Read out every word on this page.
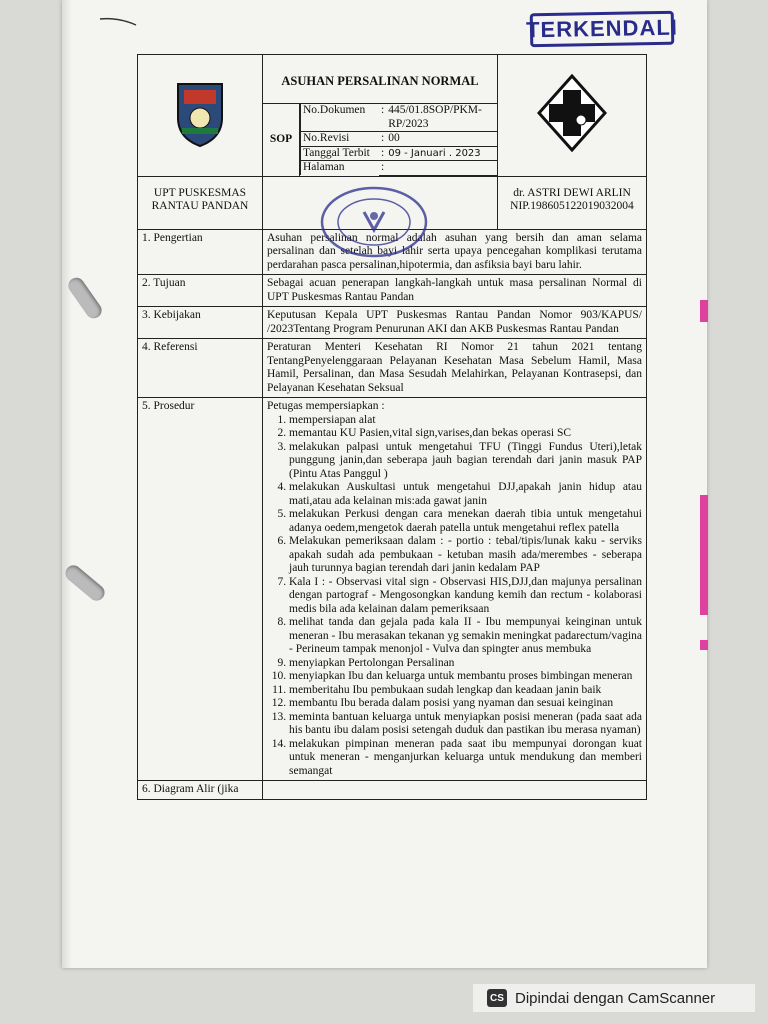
TERKENDALI
	ASUHAN PERSALINAN NORMAL	
SOP	
No.Dokumen	:	445/01.8SOP/PKM-RP/2023
No.Revisi	:	00
Tanggal Terbit	:	09 - Januari . 2023
Halaman	:	

UPT PUSKESMAS RANTAU PANDAN		
dr. ASTRI DEWI ARLIN
NIP.198605122019032004

1. Pengertian	Asuhan persalinan normal adalah asuhan yang bersih dan aman selama persalinan dan setelah bayi lahir serta upaya pencegahan komplikasi terutama perdarahan pasca persalinan,hipotermia, dan asfiksia bayi baru lahir.
2. Tujuan	Sebagai acuan penerapan langkah-langkah untuk masa persalinan Normal di UPT Puskesmas Rantau Pandan
3. Kebijakan	Keputusan Kepala UPT Puskesmas Rantau Pandan Nomor 903/KAPUS/ /2023Tentang Program Penurunan AKI dan AKB Puskesmas Rantau Pandan
4. Referensi	Peraturan Menteri Kesehatan RI Nomor 21 tahun 2021 tentang TentangPenyelenggaraan Pelayanan Kesehatan Masa Sebelum Hamil, Masa Hamil, Persalinan, dan Masa Sesudah Melahirkan, Pelayanan Kontrasepsi, dan Pelayanan Kesehatan Seksual
5. Prosedur	Petugas mempersiapkan :
1. mempersiapan alat
2. memantau KU Pasien,vital sign,varises,dan bekas operasi SC
3. melakukan palpasi untuk mengetahui TFU (Tinggi Fundus Uteri),letak punggung janin,dan seberapa jauh bagian terendah dari janin masuk PAP (Pintu Atas Panggul )
4. melakukan Auskultasi untuk mengetahui DJJ,apakah janin hidup atau mati,atau ada kelainan mis:ada gawat janin
5. melakukan Perkusi dengan cara menekan daerah tibia untuk mengetahui adanya oedem,mengetok daerah patella untuk mengetahui reflex patella
6. Melakukan pemeriksaan dalam : - portio : tebal/tipis/lunak kaku - serviks apakah sudah ada pembukaan - ketuban masih ada/merembes - seberapa jauh turunnya bagian terendah dari janin kedalam PAP
7. Kala I : - Observasi vital sign - Observasi HIS,DJJ,dan majunya persalinan dengan partograf - Mengosongkan kandung kemih dan rectum - kolaborasi medis bila ada kelainan dalam pemeriksaan
8. melihat tanda dan gejala pada kala II - Ibu mempunyai keinginan untuk meneran - Ibu merasakan tekanan yg semakin meningkat padarectum/vagina - Perineum tampak menonjol - Vulva dan spingter anus membuka
9. menyiapkan Pertolongan Persalinan
10. menyiapkan Ibu dan keluarga untuk membantu proses bimbingan meneran
11. memberitahu Ibu pembukaan sudah lengkap dan keadaan janin baik
12. membantu Ibu berada dalam posisi yang nyaman dan sesuai keinginan
13. meminta bantuan keluarga untuk menyiapkan posisi meneran (pada saat ada his bantu ibu dalam posisi setengah duduk dan pastikan ibu merasa nyaman)
14. melakukan pimpinan meneran pada saat ibu mempunyai dorongan kuat untuk meneran - menganjurkan keluarga untuk mendukung dan memberi semangat

6. Diagram Alir (jika	
CS Dipindai dengan CamScanner
